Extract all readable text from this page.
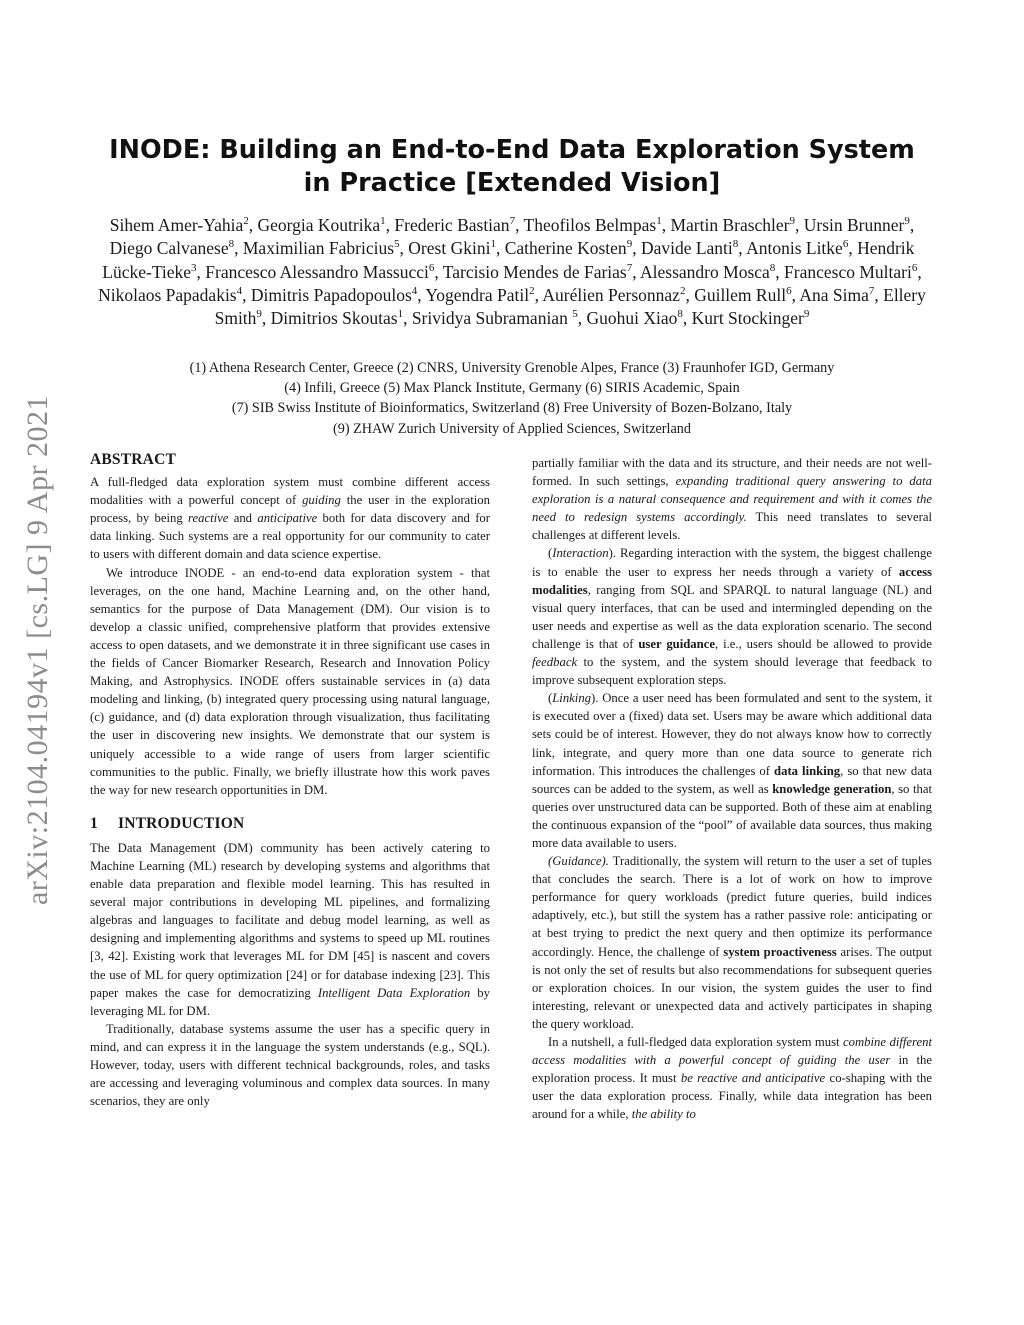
arXiv:2104.04194v1 [cs.LG] 9 Apr 2021
INODE: Building an End-to-End Data Exploration System
in Practice [Extended Vision]
Sihem Amer-Yahia$^2$, Georgia Koutrika$^1$, Frederic Bastian$^7$, Theofilos Belmpas$^1$, Martin Braschler$^9$, Ursin Brunner$^9$, Diego Calvanese$^8$, Maximilian Fabricius$^5$, Orest Gkini$^1$, Catherine Kosten$^9$, Davide Lanti$^8$, Antonis Litke$^6$, Hendrik Lücke-Tieke$^3$, Francesco Alessandro Massucci$^6$, Tarcisio Mendes de Farias$^7$, Alessandro Mosca$^8$, Francesco Multari$^6$, Nikolaos Papadakis$^4$, Dimitris Papadopoulos$^4$, Yogendra Patil$^2$, Aurélien Personnaz$^2$, Guillem Rull$^6$, Ana Sima$^7$, Ellery Smith$^9$, Dimitrios Skoutas$^1$, Srividya Subramanian $^5$, Guohui Xiao$^8$, Kurt Stockinger$^9$
(1) Athena Research Center, Greece (2) CNRS, University Grenoble Alpes, France (3) Fraunhofer IGD, Germany
(4) Infili, Greece (5) Max Planck Institute, Germany (6) SIRIS Academic, Spain
(7) SIB Swiss Institute of Bioinformatics, Switzerland (8) Free University of Bozen-Bolzano, Italy
(9) ZHAW Zurich University of Applied Sciences, Switzerland
ABSTRACT

A full-fledged data exploration system must combine different access modalities with a powerful concept of guiding the user in the exploration process, by being reactive and anticipative both for data discovery and for data linking. Such systems are a real opportunity for our community to cater to users with different domain and data science expertise.

We introduce INODE - an end-to-end data exploration system - that leverages, on the one hand, Machine Learning and, on the other hand, semantics for the purpose of Data Management (DM). Our vision is to develop a classic unified, comprehensive platform that provides extensive access to open datasets, and we demonstrate it in three significant use cases in the fields of Cancer Biomarker Research, Research and Innovation Policy Making, and Astrophysics. INODE offers sustainable services in (a) data modeling and linking, (b) integrated query processing using natural language, (c) guidance, and (d) data exploration through visualization, thus facilitating the user in discovering new insights. We demonstrate that our system is uniquely accessible to a wide range of users from larger scientific communities to the public. Finally, we briefly illustrate how this work paves the way for new research opportunities in DM.

1 INTRODUCTION

The Data Management (DM) community has been actively catering to Machine Learning (ML) research by developing systems and algorithms that enable data preparation and flexible model learning. This has resulted in several major contributions in developing ML pipelines, and formalizing algebras and languages to facilitate and debug model learning, as well as designing and implementing algorithms and systems to speed up ML routines [3, 42]. Existing work that leverages ML for DM [45] is nascent and covers the use of ML for query optimization [24] or for database indexing [23]. This paper makes the case for democratizing Intelligent Data Exploration by leveraging ML for DM.

Traditionally, database systems assume the user has a specific query in mind, and can express it in the language the system understands (e.g., SQL). However, today, users with different technical backgrounds, roles, and tasks are accessing and leveraging voluminous and complex data sources. In many scenarios, they are only

partially familiar with the data and its structure, and their needs are not well-formed. In such settings, expanding traditional query answering to data exploration is a natural consequence and requirement and with it comes the need to redesign systems accordingly. This need translates to several challenges at different levels.

(Interaction). Regarding interaction with the system, the biggest challenge is to enable the user to express her needs through a variety of access modalities, ranging from SQL and SPARQL to natural language (NL) and visual query interfaces, that can be used and intermingled depending on the user needs and expertise as well as the data exploration scenario. The second challenge is that of user guidance, i.e., users should be allowed to provide feedback to the system, and the system should leverage that feedback to improve subsequent exploration steps.

(Linking). Once a user need has been formulated and sent to the system, it is executed over a (fixed) data set. Users may be aware which additional data sets could be of interest. However, they do not always know how to correctly link, integrate, and query more than one data source to generate rich information. This introduces the challenges of data linking, so that new data sources can be added to the system, as well as knowledge generation, so that queries over unstructured data can be supported. Both of these aim at enabling the continuous expansion of the “pool” of available data sources, thus making more data available to users.

(Guidance). Traditionally, the system will return to the user a set of tuples that concludes the search. There is a lot of work on how to improve performance for query workloads (predict future queries, build indices adaptively, etc.), but still the system has a rather passive role: anticipating or at best trying to predict the next query and then optimize its performance accordingly. Hence, the challenge of system proactiveness arises. The output is not only the set of results but also recommendations for subsequent queries or exploration choices. In our vision, the system guides the user to find interesting, relevant or unexpected data and actively participates in shaping the query workload.

In a nutshell, a full-fledged data exploration system must combine different access modalities with a powerful concept of guiding the user in the exploration process. It must be reactive and anticipative co-shaping with the user the data exploration process. Finally, while data integration has been around for a while, the ability to
